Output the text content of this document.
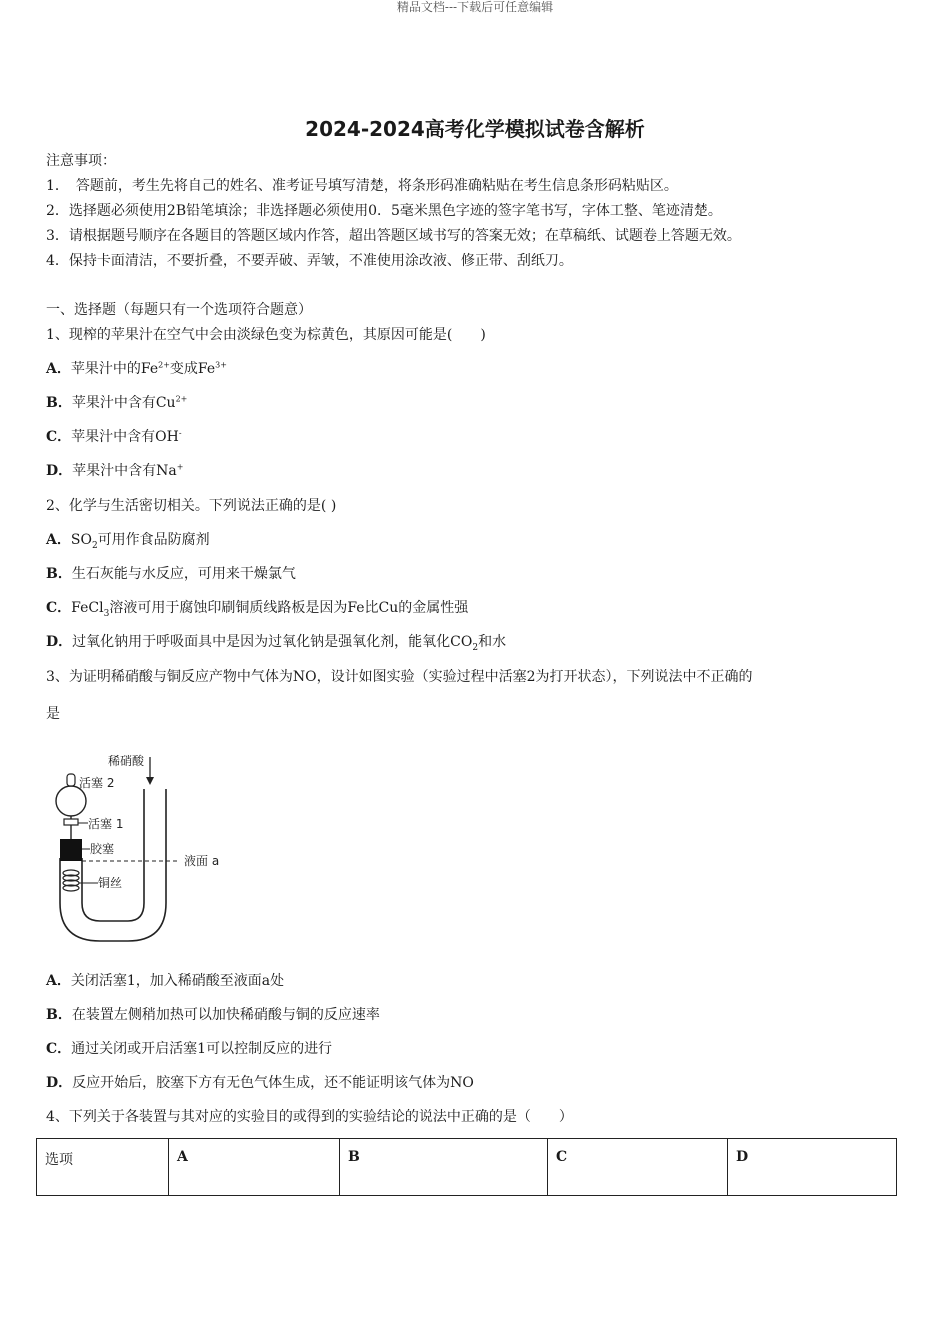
精品文档---下载后可任意编辑
2024-2024高考化学模拟试卷含解析
注意事项：
1．　答题前，考生先将自己的姓名、准考证号填写清楚，将条形码准确粘贴在考生信息条形码粘贴区。
2．选择题必须使用2B铅笔填涂；非选择题必须使用0．5毫米黑色字迹的签字笔书写，字体工整、笔迹清楚。
3．请根据题号顺序在各题目的答题区域内作答，超出答题区域书写的答案无效；在草稿纸、试题卷上答题无效。
4．保持卡面清洁，不要折叠，不要弄破、弄皱，不准使用涂改液、修正带、刮纸刀。
一、选择题（每题只有一个选项符合题意）
1、现榨的苹果汁在空气中会由淡绿色变为棕黄色，其原因可能是(　　)
A．苹果汁中的$Fe^{2+}$变成$Fe^{3+}$
B．苹果汁中含有$Cu^{2+}$
C．苹果汁中含有OH-
D．苹果汁中含有Na+
2、化学与生活密切相关。下列说法正确的是( )
A．$SO_2$可用作食品防腐剂
B．生石灰能与水反应，可用来干燥氯气
C．FeCl$_3$溶液可用于腐蚀印刷铜质线路板是因为Fe比Cu的金属性强
D．过氧化钠用于呼吸面具中是因为过氧化钠是强氧化剂，能氧化$CO_2$和水
3、为证明稀硝酸与铜反应产物中气体为NO，设计如图实验（实验过程中活塞2为打开状态），下列说法中不正确的
是
稀硝酸
活塞 2
活塞 1
胶塞
液面 a
铜丝
A．关闭活塞1，加入稀硝酸至液面a处
B．在装置左侧稍加热可以加快稀硝酸与铜的反应速率
C．通过关闭或开启活塞1可以控制反应的进行
D．反应开始后，胶塞下方有无色气体生成，还不能证明该气体为NO
4、下列关于各装置与其对应的实验目的或得到的实验结论的说法中正确的是（　　）
选项	A	B	C	D
